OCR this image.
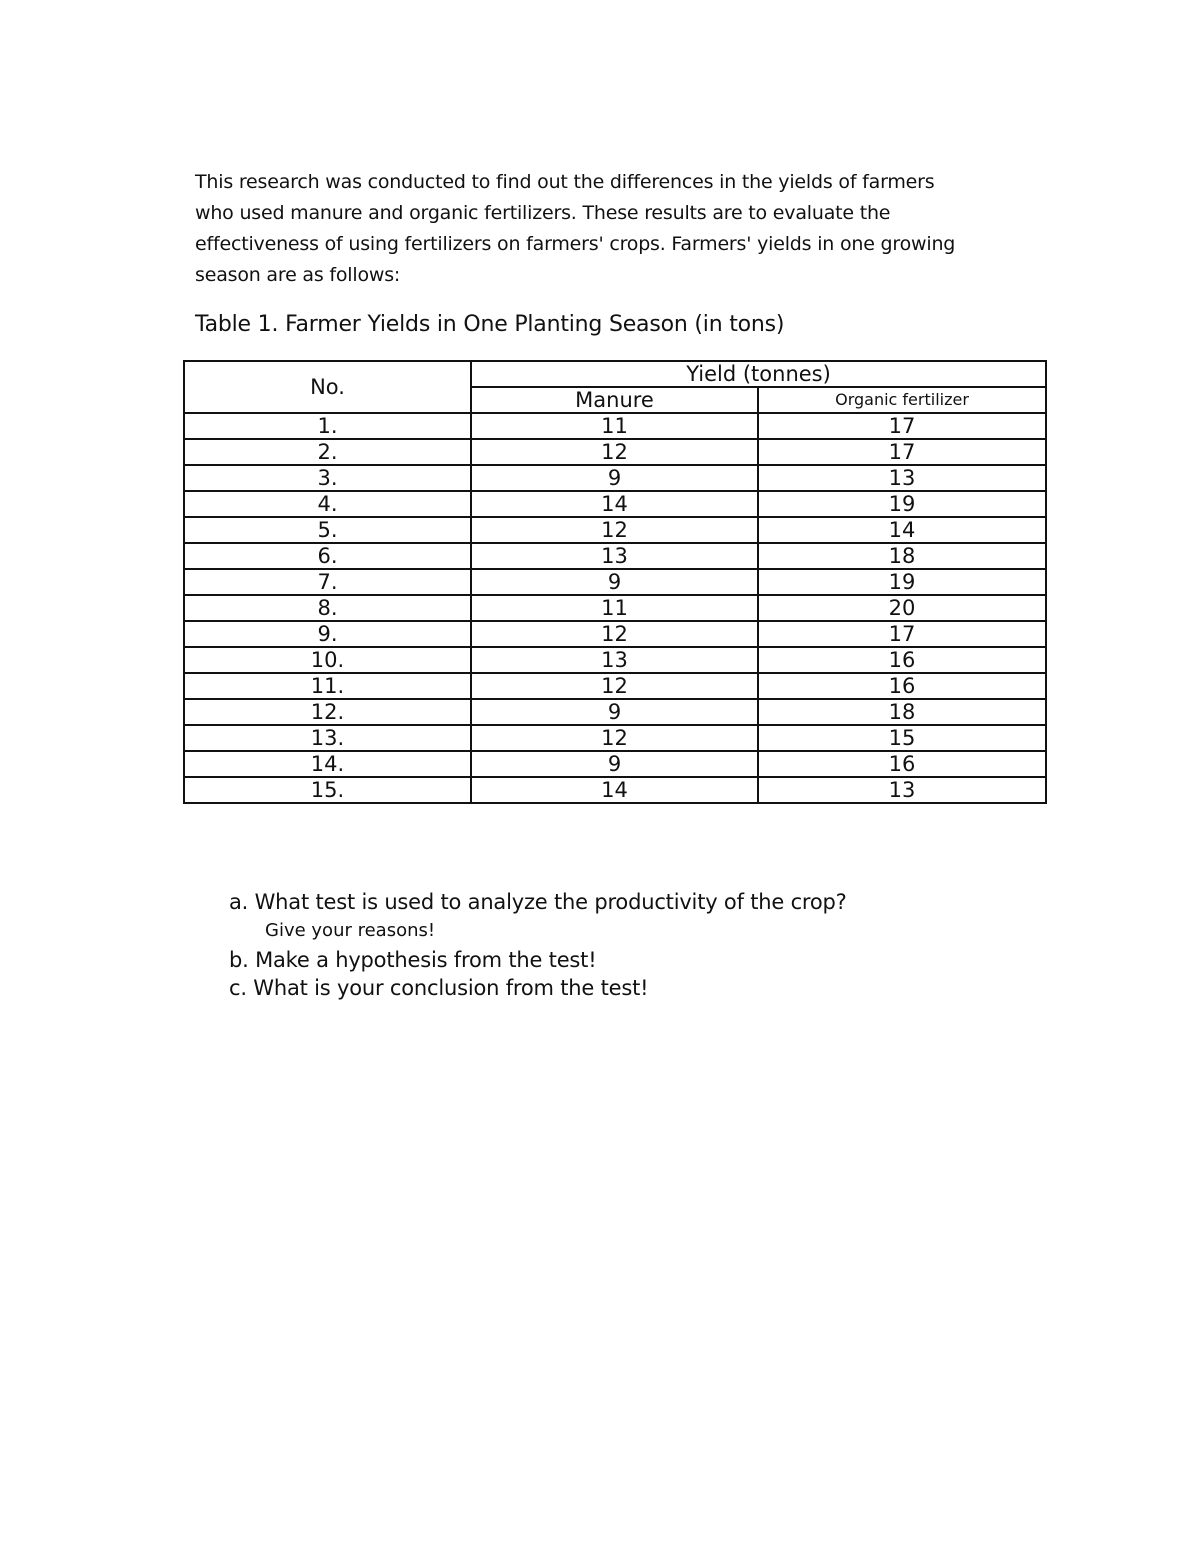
This research was conducted to find out the differences in the yields of farmers
who used manure and organic fertilizers. These results are to evaluate the
effectiveness of using fertilizers on farmers' crops. Farmers' yields in one growing
season are as follows:

Table 1. Farmer Yields in One Planting Season (in tons)

No.	Yield (tonnes)	
	Manure	Organic fertilizer
1.	11	17
2.	12	17
3.	9	13
4.	14	19
5.	12	14
6.	13	18
7.	9	19
8.	11	20
9.	12	17
10.	13	16
11.	12	16
12.	9	18
13.	12	15
14.	9	16
15.	14	13
a. What test is used to analyze the productivity of the crop?
Give your reasons!
b. Make a hypothesis from the test!
c. What is your conclusion from the test!
